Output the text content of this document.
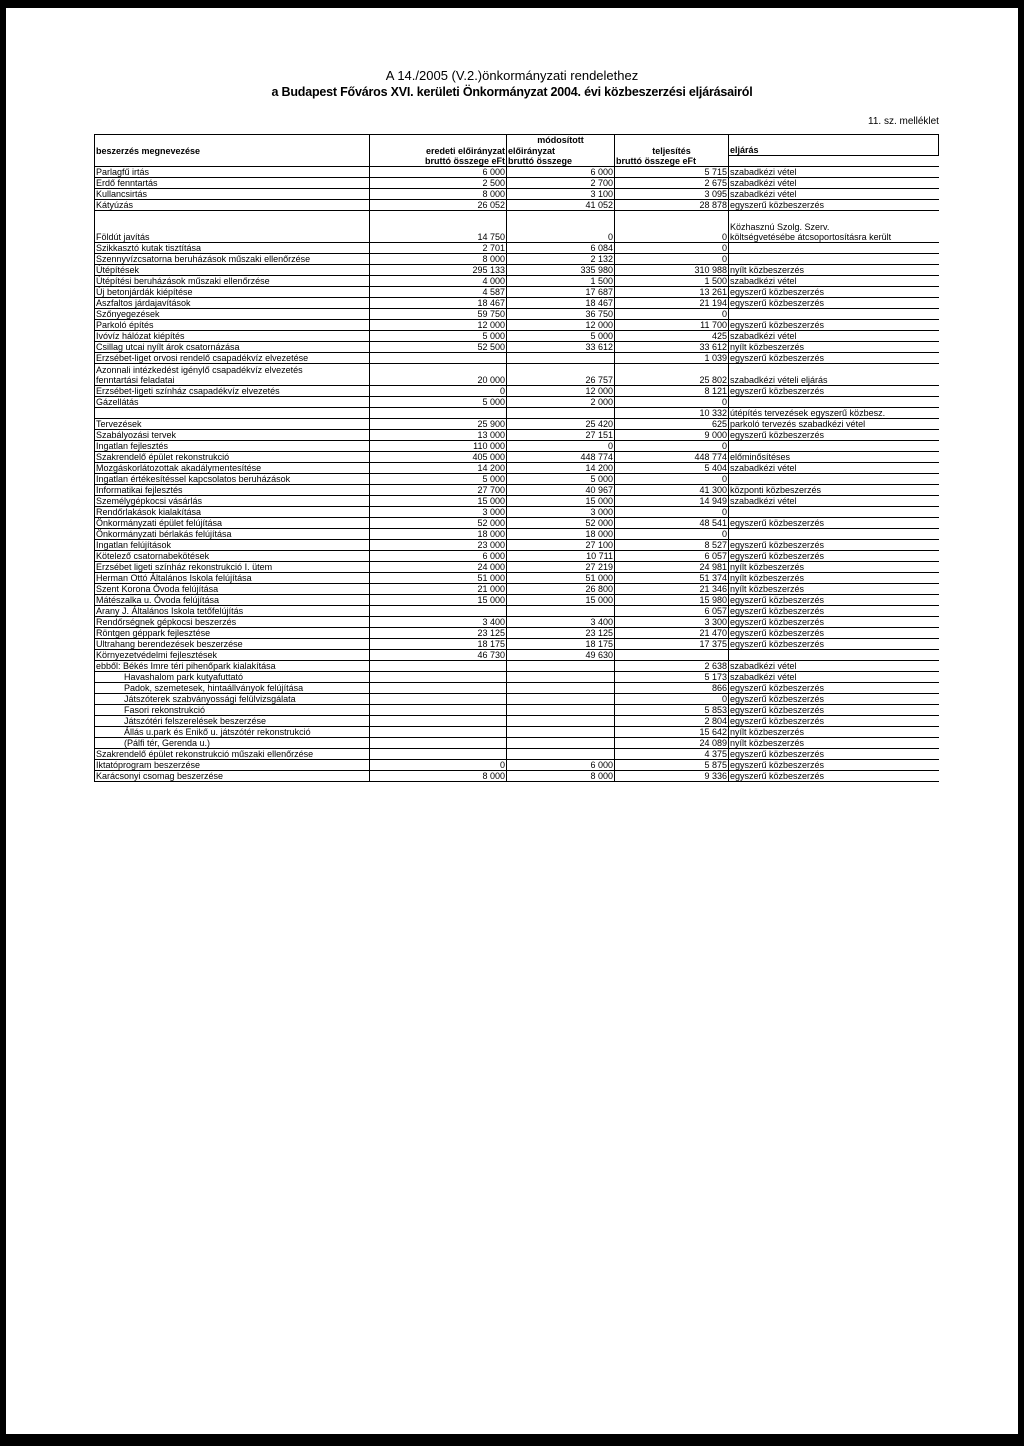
A 14./2005 (V.2.)önkormányzati rendelethez
a Budapest Főváros XVI. kerületi Önkormányzat 2004. évi közbeszerzési eljárásairól
11. sz. melléklet
		módosított		
beszerzés megnevezése	eredeti előirányzat	előirányzat	teljesítés	eljárás
	bruttó összege eFt	bruttó összege	bruttó összege eFt	
Parlagfű irtás	6 000	6 000	5 715	szabadkézi vétel
Erdő fenntartás	2 500	2 700	2 675	szabadkézi vétel
Kullancsirtás	8 000	3 100	3 095	szabadkézi vétel
Kátyúzás	26 052	41 052	28 878	egyszerű közbeszerzés

Földút javítás	14 750	0	0	Közhasznú Szolg. Szerv.
költségvetésébe átcsoportosításra került

Szikkasztó kutak tisztítása	2 701	6 084	0	
Szennyvízcsatorna beruházások műszaki ellenőrzése	8 000	2 132	0	
Útépítések	295 133	335 980	310 988	nyílt közbeszerzés
Útépítési beruházások műszaki ellenőrzése	4 000	1 500	1 500	szabadkézi vétel
Új betonjárdák kiépítése	4 587	17 687	13 261	egyszerű közbeszerzés
Aszfaltos járdajavítások	18 467	18 467	21 194	egyszerű közbeszerzés
Szőnyegezések	59 750	36 750	0	
Parkoló építés	12 000	12 000	11 700	egyszerű közbeszerzés
Ivóvíz hálózat kiépítés	5 000	5 000	425	szabadkézi vétel
Csillag utcai nyílt árok csatornázása	52 500	33 612	33 612	nyílt közbeszerzés
Erzsébet-liget orvosi rendelő csapadékvíz elvezetése			1 039	egyszerű közbeszerzés

Azonnali intézkedést igénylő csapadékvíz elvezetés
fenntartási feladatai	20 000	26 757	25 802	szabadkézi vételi eljárás
Erzsébet-ligeti színház csapadékvíz elvezetés	0	12 000	8 121	egyszerű közbeszerzés
Gázellátás	5 000	2 000	0	
			10 332	útépítés tervezések egyszerű közbesz.
Tervezések	25 900	25 420	625	parkoló tervezés szabadkézi vétel
Szabályozási tervek	13 000	27 151	9 000	egyszerű közbeszerzés
Ingatlan fejlesztés	110 000	0	0	
Szakrendelő épület rekonstrukció	405 000	448 774	448 774	előminősítéses
Mozgáskorlátozottak akadálymentesítése	14 200	14 200	5 404	szabadkézi vétel
Ingatlan értékesítéssel kapcsolatos beruházások	5 000	5 000	0	
Informatikai fejlesztés	27 700	40 967	41 300	központi közbeszerzés
Személygépkocsi vásárlás	15 000	15 000	14 949	szabadkézi vétel
Rendőrlakások kialakítása	3 000	3 000	0	
Önkormányzati épület felújítása	52 000	52 000	48 541	egyszerű közbeszerzés
Önkormányzati bérlakás felújítása	18 000	18 000	0	
Ingatlan felújítások	23 000	27 100	8 527	egyszerű közbeszerzés
Kötelező csatornabekötések	6 000	10 711	6 057	egyszerű közbeszerzés
Erzsébet ligeti színház rekonstrukció I. ütem	24 000	27 219	24 981	nyílt közbeszerzés
Herman Ottó Általános Iskola felújítása	51 000	51 000	51 374	nyílt közbeszerzés
Szent Korona Óvoda felújítása	21 000	26 800	21 346	nyílt közbeszerzés
Mátészalka u. Óvoda felújítása	15 000	15 000	15 980	egyszerű közbeszerzés
Arany J. Általános Iskola tetőfelújítás			6 057	egyszerű közbeszerzés
Rendőrségnek gépkocsi beszerzés	3 400	3 400	3 300	egyszerű közbeszerzés
Röntgen géppark fejlesztése	23 125	23 125	21 470	egyszerű közbeszerzés
Ultrahang berendezések beszerzése	18 175	18 175	17 375	egyszerű közbeszerzés
Környezetvédelmi fejlesztések	46 730	49 630		
ebből: Békés Imre téri pihenőpark kialakítása			2 638	szabadkézi vétel
Havashalom park kutyafuttató			5 173	szabadkézi vétel
Padok, szemetesek, hintaállványok felújítása			866	egyszerű közbeszerzés
Játszóterek szabványossági felülvizsgálata			0	egyszerű közbeszerzés
Fasori rekonstrukció			5 853	egyszerű közbeszerzés
Játszótéri felszerelések beszerzése			2 804	egyszerű közbeszerzés
Állás u.park és Enikő u. játszótér rekonstrukció			15 642	nyílt közbeszerzés
(Pálfi tér, Gerenda u.)			24 089	nyílt közbeszerzés
Szakrendelő épület rekonstrukció műszaki ellenőrzése			4 375	egyszerű közbeszerzés
Iktatóprogram beszerzése	0	6 000	5 875	egyszerű közbeszerzés
Karácsonyi csomag beszerzése	8 000	8 000	9 336	egyszerű közbeszerzés
